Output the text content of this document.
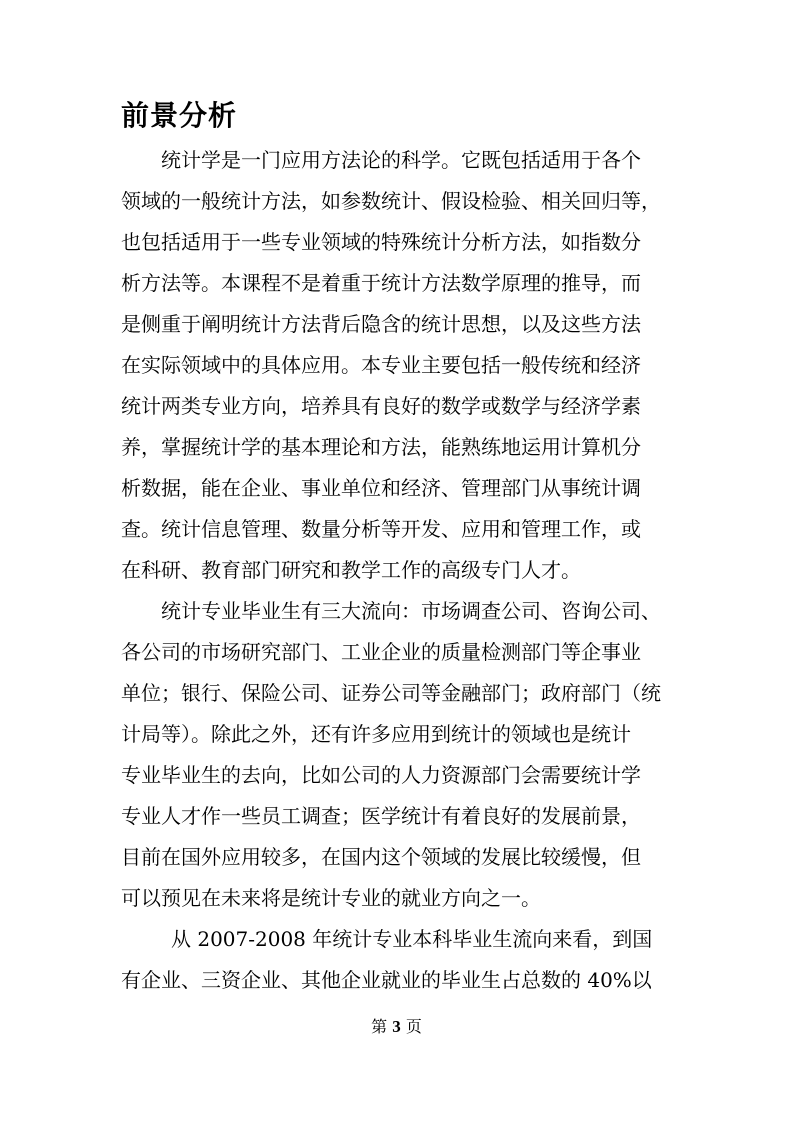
前景分析
统计学是一门应用方法论的科学。它既包括适用于各个
领域的一般统计方法，如参数统计、假设检验、相关回归等，
也包括适用于一些专业领域的特殊统计分析方法，如指数分
析方法等。本课程不是着重于统计方法数学原理的推导，而
是侧重于阐明统计方法背后隐含的统计思想，以及这些方法
在实际领域中的具体应用。本专业主要包括一般传统和经济
统计两类专业方向，培养具有良好的数学或数学与经济学素
养，掌握统计学的基本理论和方法，能熟练地运用计算机分
析数据，能在企业、事业单位和经济、管理部门从事统计调
查。统计信息管理、数量分析等开发、应用和管理工作，或
在科研、教育部门研究和教学工作的高级专门人才。
统计专业毕业生有三大流向：市场调查公司、咨询公司、
各公司的市场研究部门、工业企业的质量检测部门等企事业
单位；银行、保险公司、证券公司等金融部门；政府部门（统
计局等）。除此之外，还有许多应用到统计的领域也是统计
专业毕业生的去向，比如公司的人力资源部门会需要统计学
专业人才作一些员工调查；医学统计有着良好的发展前景，
目前在国外应用较多，在国内这个领域的发展比较缓慢，但
可以预见在未来将是统计专业的就业方向之一。
从 2007-2008 年统计专业本科毕业生流向来看，到国
有企业、三资企业、其他企业就业的毕业生占总数的 40%以
第 3 页
